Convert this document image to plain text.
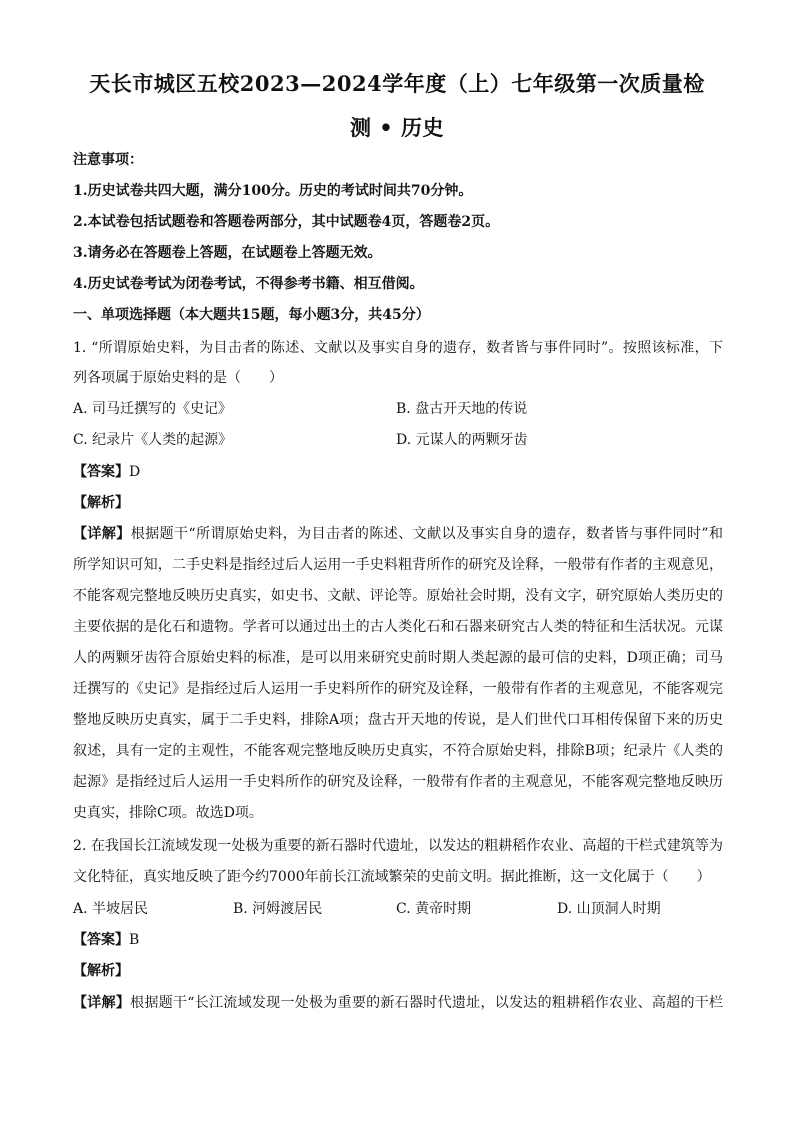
天长市城区五校2023—2024学年度（上）七年级第一次质量检
测 • 历史
注意事项：
1.历史试卷共四大题，满分100分。历史的考试时间共70分钟。
2.本试卷包括试题卷和答题卷两部分，其中试题卷4页，答题卷2页。
3.请务必在答题卷上答题，在试题卷上答题无效。
4.历史试卷考试为闭卷考试，不得参考书籍、相互借阅。
一、单项选择题（本大题共15题，每小题3分，共45分）
1. “所谓原始史料，为目击者的陈述、文献以及事实自身的遗存，数者皆与事件同时”。按照该标准，下
列各项属于原始史料的是（　　）
A. 司马迁撰写的《史记》	B. 盘古开天地的传说
C. 纪录片《人类的起源》	D. 元谋人的两颗牙齿
【答案】D
【解析】
【详解】根据题干“所谓原始史料，为目击者的陈述、文献以及事实自身的遗存，数者皆与事件同时”和
所学知识可知，二手史料是指经过后人运用一手史料粗背所作的研究及诠释，一般带有作者的主观意见，
不能客观完整地反映历史真实，如史书、文献、评论等。原始社会时期，没有文字，研究原始人类历史的
主要依据的是化石和遗物。学者可以通过出土的古人类化石和石器来研究古人类的特征和生活状况。元谋
人的两颗牙齿符合原始史料的标准，是可以用来研究史前时期人类起源的最可信的史料，D项正确；司马
迁撰写的《史记》是指经过后人运用一手史料所作的研究及诠释，一般带有作者的主观意见，不能客观完
整地反映历史真实，属于二手史料，排除A项；盘古开天地的传说，是人们世代口耳相传保留下来的历史
叙述，具有一定的主观性，不能客观完整地反映历史真实，不符合原始史料，排除B项；纪录片《人类的
起源》是指经过后人运用一手史料所作的研究及诠释，一般带有作者的主观意见，不能客观完整地反映历
史真实，排除C项。故选D项。
2. 在我国长江流域发现一处极为重要的新石器时代遗址，以发达的粗耕稻作农业、高超的干栏式建筑等为
文化特征，真实地反映了距今约7000年前长江流域繁荣的史前文明。据此推断，这一文化属于（　　）
A. 半坡居民	B. 河姆渡居民	C. 黄帝时期	D. 山顶洞人时期
【答案】B
【解析】
【详解】根据题干“长江流域发现一处极为重要的新石器时代遗址，以发达的粗耕稻作农业、高超的干栏
